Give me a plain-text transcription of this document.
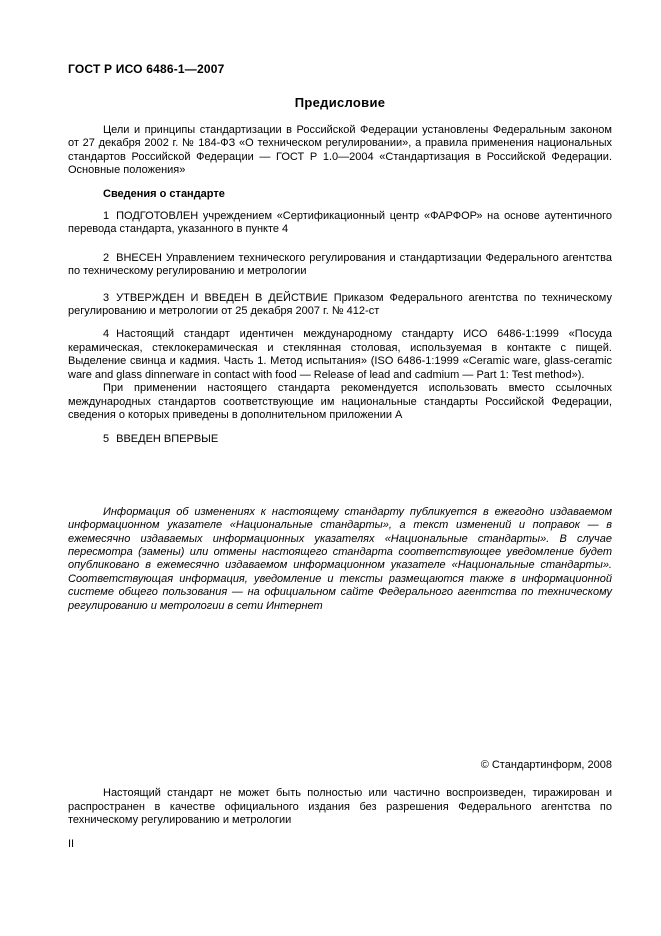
ГОСТ Р ИСО 6486-1—2007
Предисловие

Цели и принципы стандартизации в Российской Федерации установлены Федеральным законом от 27 декабря 2002 г. № 184-ФЗ «О техническом регулировании», а правила применения национальных стандартов Российской Федерации — ГОСТ Р 1.0—2004 «Стандартизация в Российской Федерации. Основные положения»

Сведения о стандарте

1 ПОДГОТОВЛЕН учреждением «Сертификационный центр «ФАРФОР» на основе аутентичного перевода стандарта, указанного в пункте 4

2 ВНЕСЕН Управлением технического регулирования и стандартизации Федерального агентства по техническому регулированию и метрологии

3 УТВЕРЖДЕН И ВВЕДЕН В ДЕЙСТВИЕ Приказом Федерального агентства по техническому регулированию и метрологии от 25 декабря 2007 г. № 412-ст

4 Настоящий стандарт идентичен международному стандарту ИСО 6486-1:1999 «Посуда керамическая, стеклокерамическая и стеклянная столовая, используемая в контакте с пищей. Выделение свинца и кадмия. Часть 1. Метод испытания» (ISO 6486-1:1999 «Ceramic ware, glass-ceramic ware and glass dinnerware in contact with food — Release of lead and cadmium — Part 1: Test method»).

При применении настоящего стандарта рекомендуется использовать вместо ссылочных международных стандартов соответствующие им национальные стандарты Российской Федерации, сведения о которых приведены в дополнительном приложении А

5 ВВЕДЕН ВПЕРВЫЕ

Информация об изменениях к настоящему стандарту публикуется в ежегодно издаваемом информационном указателе «Национальные стандарты», а текст изменений и поправок — в ежемесячно издаваемых информационных указателях «Национальные стандарты». В случае пересмотра (замены) или отмены настоящего стандарта соответствующее уведомление будет опубликовано в ежемесячно издаваемом информационном указателе «Национальные стандарты». Соответствующая информация, уведомление и тексты размещаются также в информационной системе общего пользования — на официальном сайте Федерального агентства по техническому регулированию и метрологии в сети Интернет

© Стандартинформ, 2008

Настоящий стандарт не может быть полностью или частично воспроизведен, тиражирован и распространен в качестве официального издания без разрешения Федерального агентства по техническому регулированию и метрологии

II
